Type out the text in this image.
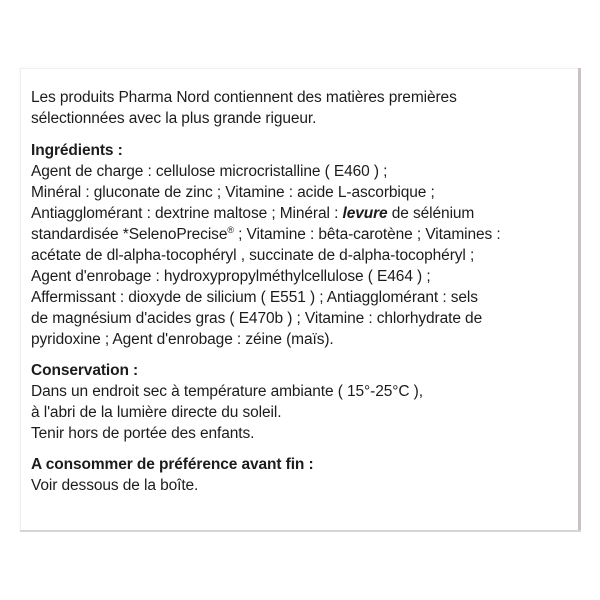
Les produits Pharma Nord contiennent des matières premières
sélectionnées avec la plus grande rigueur.
Ingrédients :
Agent de charge : cellulose microcristalline ( E460 ) ;
Minéral : gluconate de zinc ; Vitamine : acide L-ascorbique ;
Antiagglomérant : dextrine maltose ; Minéral : levure de sélénium
standardisée *SelenoPrecise® ; Vitamine : bêta-carotène ; Vitamines :
acétate de dl-alpha-tocophéryl , succinate de d-alpha-tocophéryl ;
Agent d'enrobage : hydroxypropylméthylcellulose ( E464 ) ;
Affermissant : dioxyde de silicium ( E551 ) ; Antiagglomérant : sels
de magnésium d'acides gras ( E470b ) ; Vitamine : chlorhydrate de
pyridoxine ; Agent d'enrobage : zéine (maïs).
Conservation :
Dans un endroit sec à température ambiante ( 15°-25°C ),
à l'abri de la lumière directe du soleil.
Tenir hors de portée des enfants.
A consommer de préférence avant fin :
Voir dessous de la boîte.
